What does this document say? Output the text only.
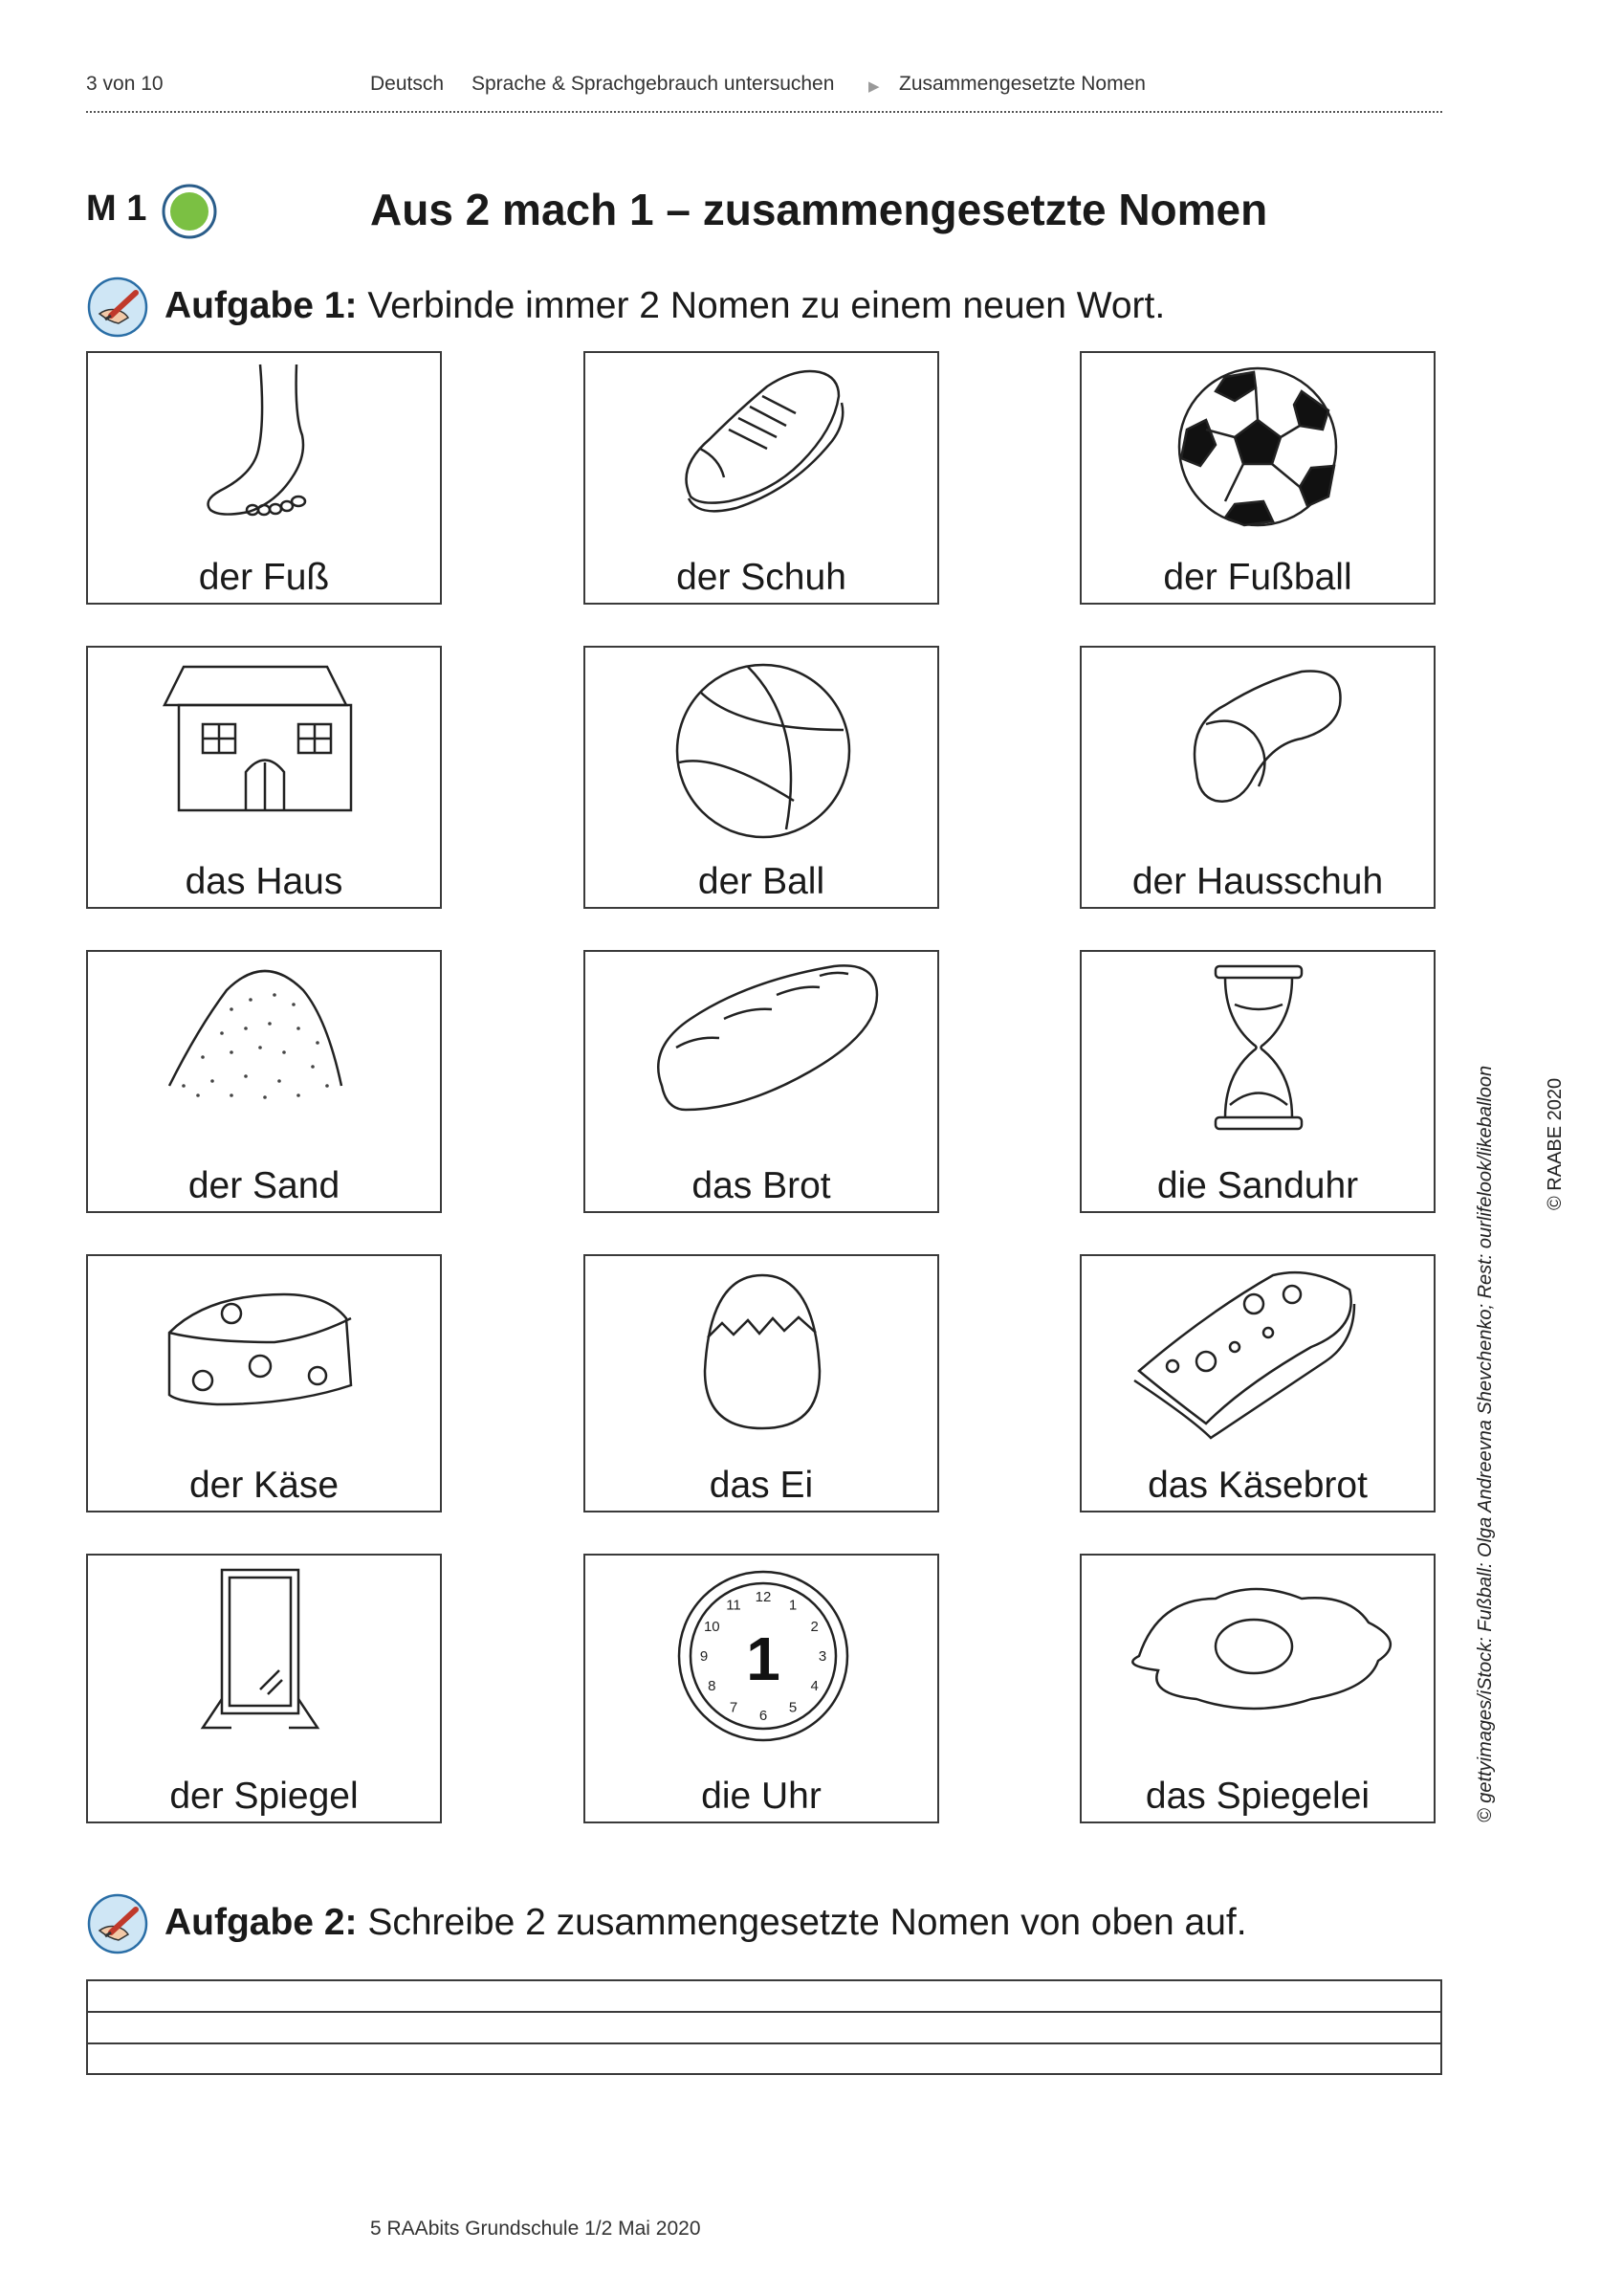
3 von 10	Deutsch Sprache & Sprachgebrauch untersuchen ▶ Zusammengesetzte Nomen
M 1	Aus 2 mach 1 – zusammengesetzte Nomen
Aufgabe 1: Verbinde immer 2 Nomen zu einem neuen Wort.
der Fuß	der Schuh	der Fußball
das Haus	der Ball	der Hausschuh
der Sand	das Brot	die Sanduhr
der Käse	das Ei	das Käsebrot
der Spiegel
12 1
2
3
4
5
6
7
8
9
10
11
1
die Uhr	das Spiegelei
Aufgabe 2: Schreibe 2 zusammengesetzte Nomen von oben auf.
© gettyimages/iStock: Fußball: Olga Andreevna Shevchenko; Rest: ourlifelook/likeballoon	© RAABE 2020
5 RAAbits Grundschule 1/2 Mai 2020
